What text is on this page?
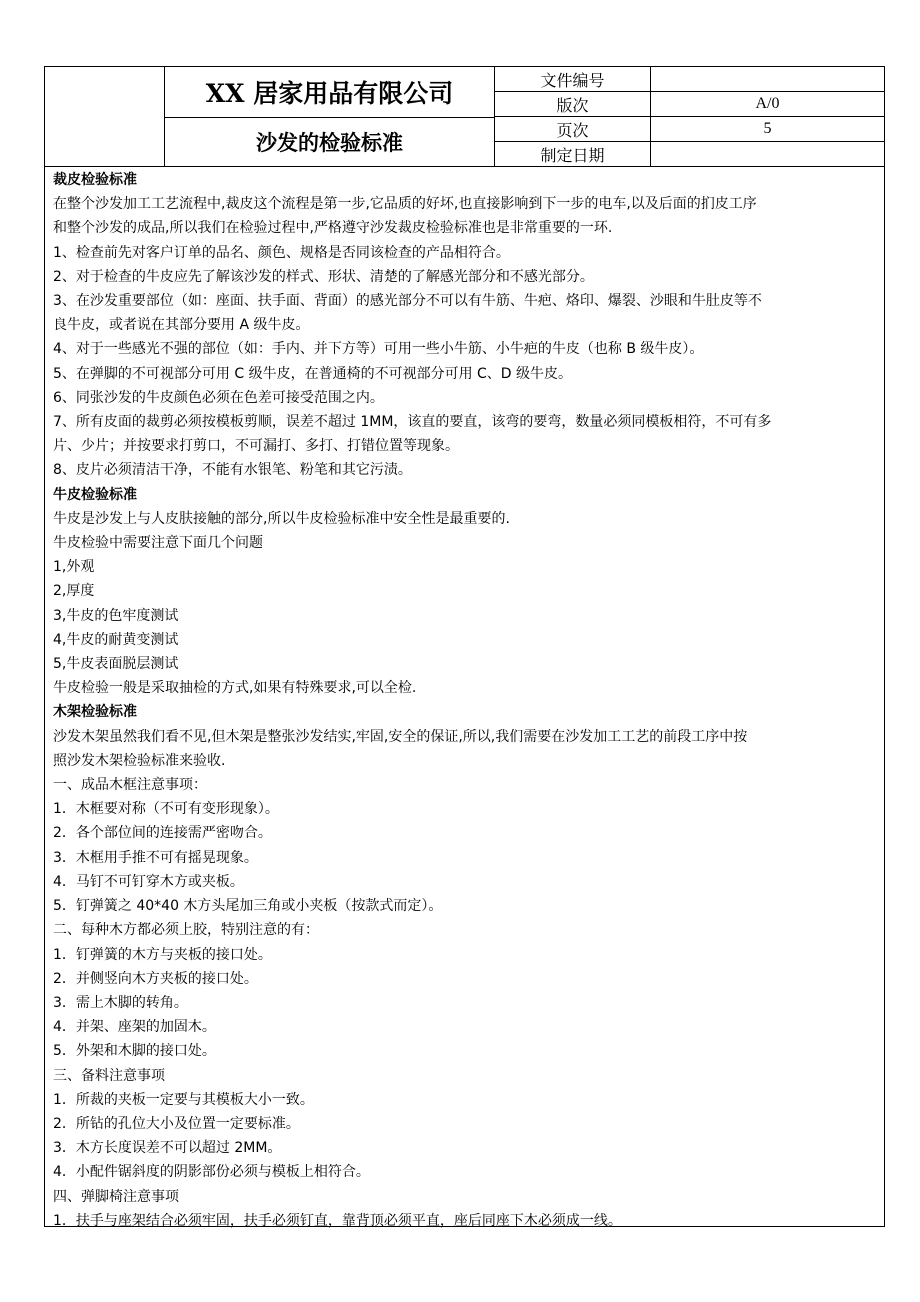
XX 居家用品有限公司
沙发的检验标准
文件编号
版次	A/0
页次	5
制定日期
裁皮检验标准
在整个沙发加工工艺流程中,裁皮这个流程是第一步,它品质的好坏,也直接影响到下一步的电车,以及后面的扪皮工序
和整个沙发的成品,所以我们在检验过程中,严格遵守沙发裁皮检验标准也是非常重要的一环.
1、检查前先对客户订单的品名、颜色、规格是否同该检查的产品相符合。
2、对于检查的牛皮应先了解该沙发的样式、形状、清楚的了解感光部分和不感光部分。
3、在沙发重要部位（如：座面、扶手面、背面）的感光部分不可以有牛筋、牛疤、烙印、爆裂、沙眼和牛肚皮等不
良牛皮，或者说在其部分要用 A 级牛皮。
4、对于一些感光不强的部位（如：手内、并下方等）可用一些小牛筋、小牛疤的牛皮（也称 B 级牛皮）。
5、在弹脚的不可视部分可用 C 级牛皮，在普通椅的不可视部分可用 C、D 级牛皮。
6、同张沙发的牛皮颜色必须在色差可接受范围之内。
7、所有皮面的裁剪必须按模板剪顺，误差不超过 1MM，该直的要直，该弯的要弯，数量必须同模板相符，不可有多
片、少片；并按要求打剪口，不可漏打、多打、打错位置等现象。
8、皮片必须清洁干净，不能有水银笔、粉笔和其它污渍。
牛皮检验标准
牛皮是沙发上与人皮肤接触的部分,所以牛皮检验标准中安全性是最重要的.
牛皮检验中需要注意下面几个问题
1,外观
2,厚度
3,牛皮的色牢度测试
4,牛皮的耐黄变测试
5,牛皮表面脱层测试
牛皮检验一般是采取抽检的方式,如果有特殊要求,可以全检.
木架检验标准
沙发木架虽然我们看不见,但木架是整张沙发结实,牢固,安全的保证,所以,我们需要在沙发加工工艺的前段工序中按
照沙发木架检验标准来验收.
一、成品木框注意事项：
1．木框要对称（不可有变形现象）。
2．各个部位间的连接需严密吻合。
3．木框用手推不可有摇晃现象。
4．马钉不可钉穿木方或夹板。
5．钉弹簧之 40*40 木方头尾加三角或小夹板（按款式而定）。
二、每种木方都必须上胶，特别注意的有：
1．钉弹簧的木方与夹板的接口处。
2．并侧竖向木方夹板的接口处。
3．需上木脚的转角。
4．并架、座架的加固木。
5．外架和木脚的接口处。
三、备料注意事项
1．所裁的夹板一定要与其模板大小一致。
2．所钻的孔位大小及位置一定要标准。
3．木方长度误差不可以超过 2MM。
4．小配件锯斜度的阴影部份必须与模板上相符合。
四、弹脚椅注意事项
1．扶手与座架结合必须牢固，扶手必须钉直，靠背顶必须平直，座后同座下木必须成一线。
